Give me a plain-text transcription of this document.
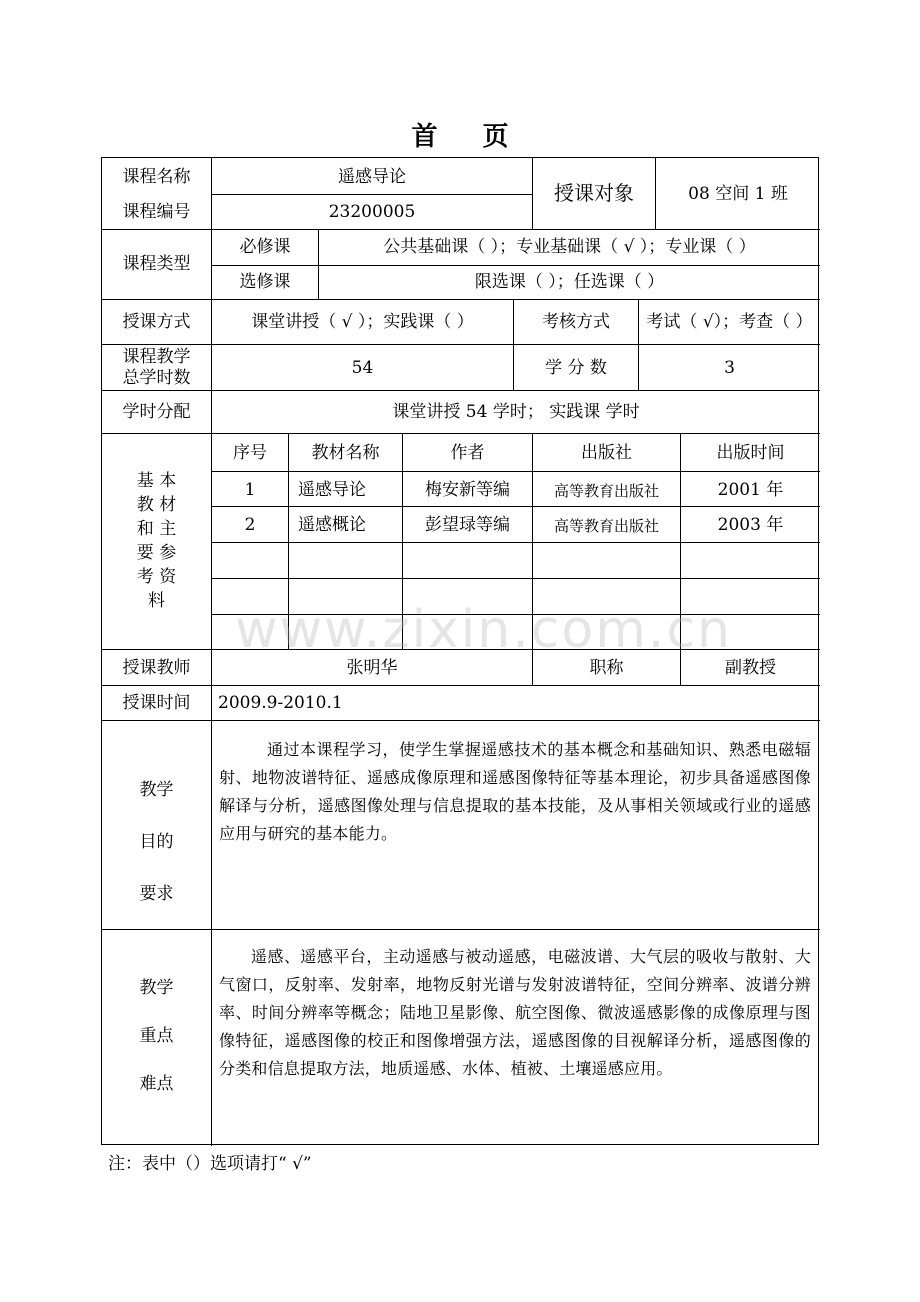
首 页
课程名称	遥感导论
课程编号	23200005
授课对象	08 空间 1 班
课程类型
必修课	公共基础课（ ）；专业基础课（ √ ）；专业课（ ）
选修课	限选课（ ）；任选课（ ）
授课方式	课堂讲授（ √ ）；实践课（ ）	考核方式	考试（ √）；考查（ ）
课程教学
总学时数	54	学 分 数	3
学时分配	课堂讲授 54 学时； 实践课 学时
基 本
教 材
和 主
要 参
考 资
料
序号	教材名称	作者	出版社	出版时间
1	遥感导论	梅安新等编	高等教育出版社	2001 年
2	遥感概论	彭望琭等编	高等教育出版社	2003 年
授课教师	张明华	职称	副教授
授课时间	2009.9-2010.1
教学
目的
要求
通过本课程学习，使学生掌握遥感技术的基本概念和基础知识、熟悉电磁辐射、地物波谱特征、遥感成像原理和遥感图像特征等基本理论，初步具备遥感图像解译与分析，遥感图像处理与信息提取的基本技能，及从事相关领域或行业的遥感应用与研究的基本能力。
教学
重点
难点
遥感、遥感平台，主动遥感与被动遥感，电磁波谱、大气层的吸收与散射、大气窗口，反射率、发射率，地物反射光谱与发射波谱特征，空间分辨率、波谱分辨率、时间分辨率等概念；陆地卫星影像、航空图像、微波遥感影像的成像原理与图像特征，遥感图像的校正和图像增强方法，遥感图像的目视解译分析，遥感图像的分类和信息提取方法，地质遥感、水体、植被、土壤遥感应用。
www.zixin.com.cn
注：表中（）选项请打“ √”
